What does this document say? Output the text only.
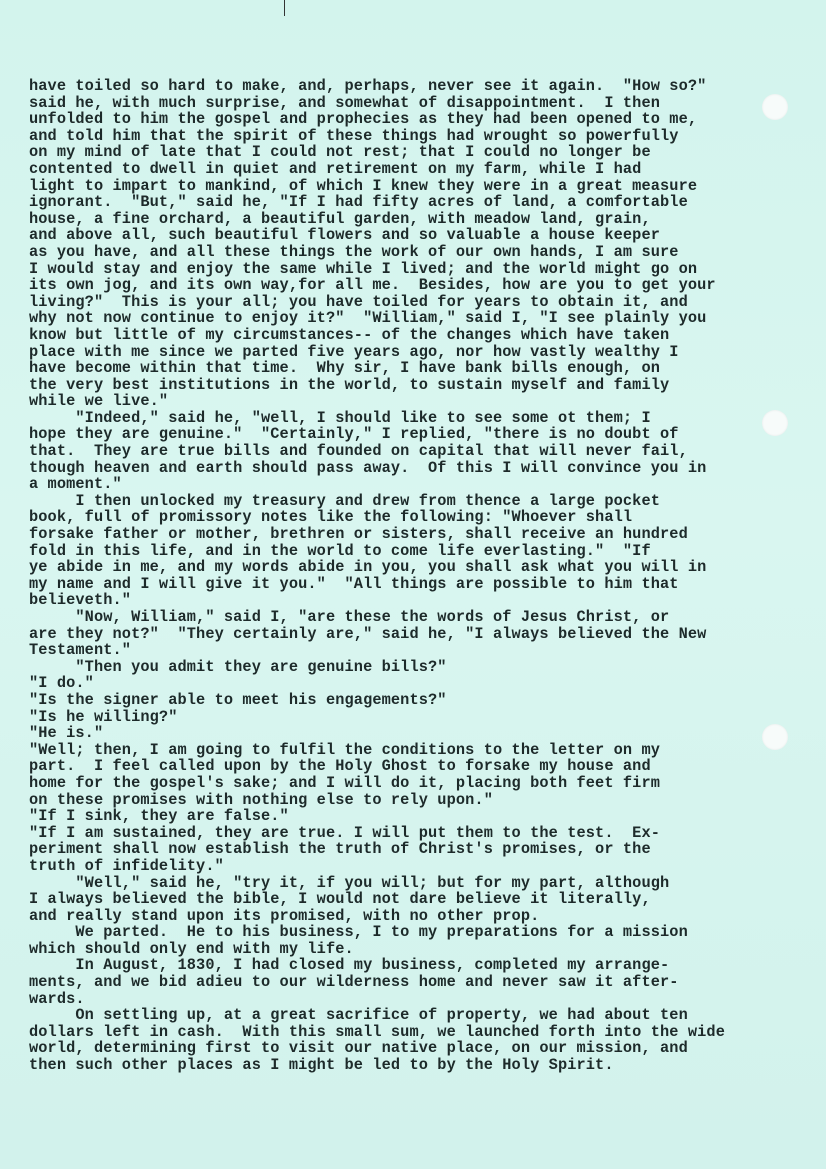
have toiled so hard to make, and, perhaps, never see it again.  "How so?"
said he, with much surprise, and somewhat of disappointment.  I then
unfolded to him the gospel and prophecies as they had been opened to me,
and told him that the spirit of these things had wrought so powerfully
on my mind of late that I could not rest; that I could no longer be
contented to dwell in quiet and retirement on my farm, while I had
light to impart to mankind, of which I knew they were in a great measure
ignorant.  "But," said he, "If I had fifty acres of land, a comfortable
house, a fine orchard, a beautiful garden, with meadow land, grain,
and above all, such beautiful flowers and so valuable a house keeper
as you have, and all these things the work of our own hands, I am sure
I would stay and enjoy the same while I lived; and the world might go on
its own jog, and its own way,for all me.  Besides, how are you to get your
living?"  This is your all; you have toiled for years to obtain it, and
why not now continue to enjoy it?"  "William," said I, "I see plainly you
know but little of my circumstances-- of the changes which have taken
place with me since we parted five years ago, nor how vastly wealthy I
have become within that time.  Why sir, I have bank bills enough, on
the very best institutions in the world, to sustain myself and family
while we live."
"Indeed," said he, "well, I should like to see some ot them; I
hope they are genuine."  "Certainly," I replied, "there is no doubt of
that.  They are true bills and founded on capital that will never fail,
though heaven and earth should pass away.  Of this I will convince you in
a moment."
I then unlocked my treasury and drew from thence a large pocket
book, full of promissory notes like the following: "Whoever shall
forsake father or mother, brethren or sisters, shall receive an hundred
fold in this life, and in the world to come life everlasting."  "If
ye abide in me, and my words abide in you, you shall ask what you will in
my name and I will give it you."  "All things are possible to him that
believeth."
"Now, William," said I, "are these the words of Jesus Christ, or
are they not?"  "They certainly are," said he, "I always believed the New
Testament."
"Then you admit they are genuine bills?"
"I do."
"Is the signer able to meet his engagements?"
"Is he willing?"
"He is."
"Well; then, I am going to fulfil the conditions to the letter on my
part.  I feel called upon by the Holy Ghost to forsake my house and
home for the gospel's sake; and I will do it, placing both feet firm
on these promises with nothing else to rely upon."
"If I sink, they are false."
"If I am sustained, they are true. I will put them to the test.  Ex-
periment shall now establish the truth of Christ's promises, or the
truth of infidelity."
"Well," said he, "try it, if you will; but for my part, although
I always believed the bible, I would not dare believe it literally,
and really stand upon its promised, with no other prop.
We parted.  He to his business, I to my preparations for a mission
which should only end with my life.
In August, 1830, I had closed my business, completed my arrange-
ments, and we bid adieu to our wilderness home and never saw it after-
wards.
On settling up, at a great sacrifice of property, we had about ten
dollars left in cash.  With this small sum, we launched forth into the wide
world, determining first to visit our native place, on our mission, and
then such other places as I might be led to by the Holy Spirit.
